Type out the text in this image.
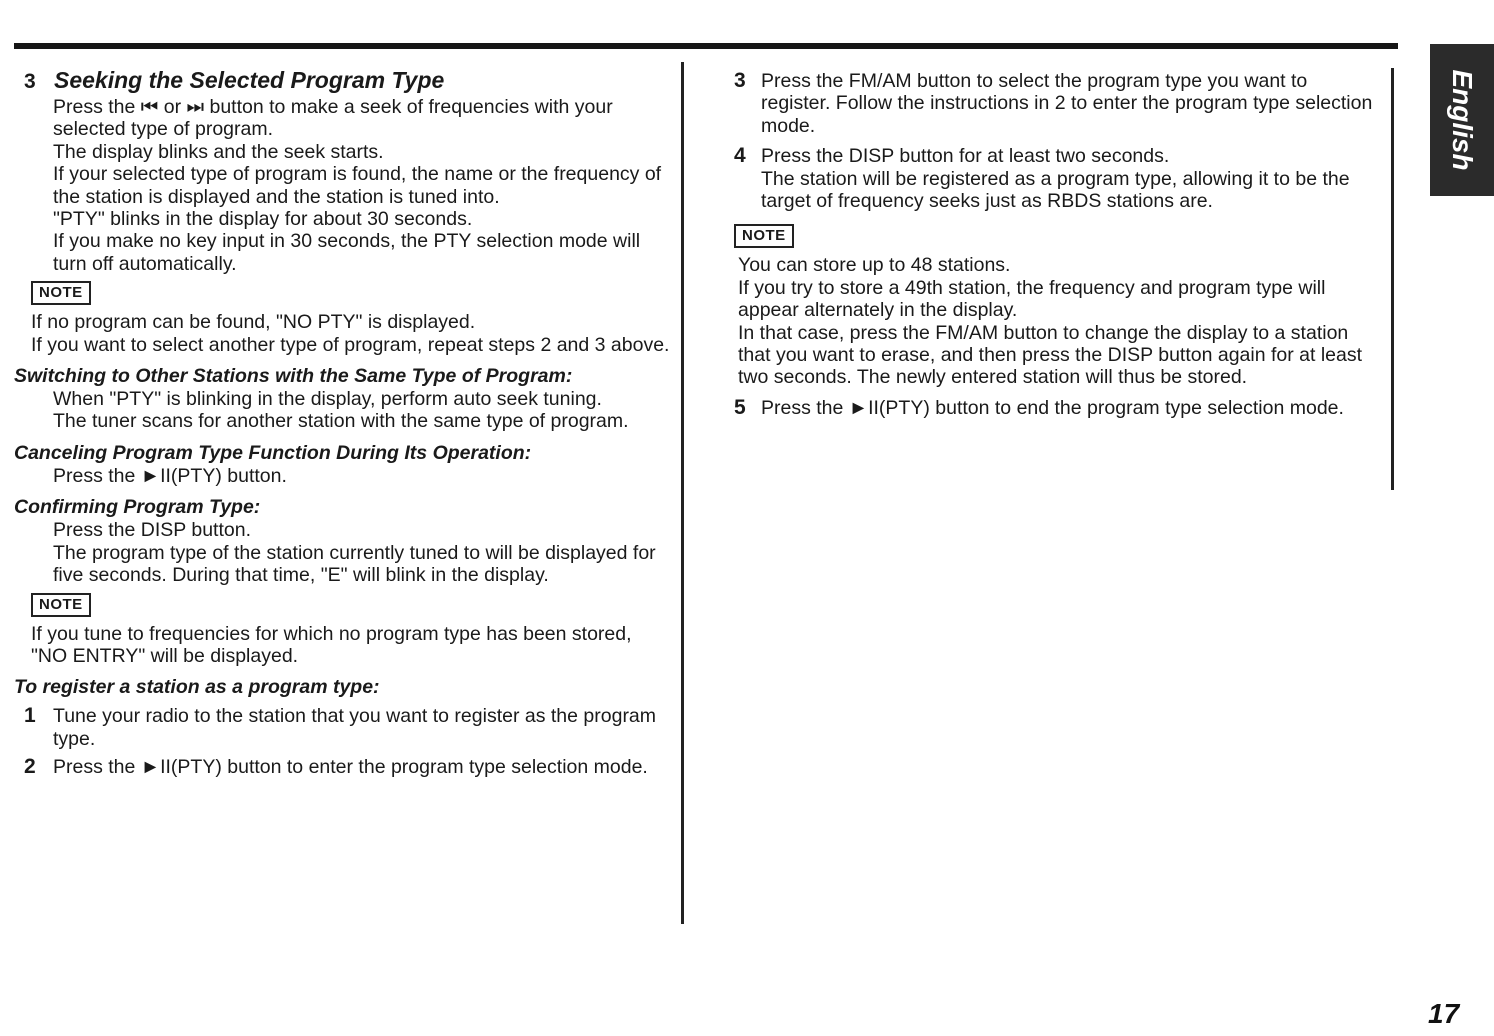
English
3 Seeking the Selected Program Type

Press the ⏮ or ⏭ button to make a seek of frequencies with your selected type of program.

The display blinks and the seek starts.

If your selected type of program is found, the name or the frequency of the station is displayed and the station is tuned into.

"PTY" blinks in the display for about 30 seconds.

If you make no key input in 30 seconds, the PTY selection mode will turn off automatically.

NOTE

If no program can be found, "NO PTY" is displayed.

If you want to select another type of program, repeat steps 2 and 3 above.

Switching to Other Stations with the Same Type of Program:

When "PTY" is blinking in the display, perform auto seek tuning.

The tuner scans for another station with the same type of program.

Canceling Program Type Function During Its Operation:

Press the ►II(PTY) button.

Confirming Program Type:

Press the DISP button.

The program type of the station currently tuned to will be displayed for five seconds. During that time, "E" will blink in the display.

NOTE

If you tune to frequencies for which no program type has been stored, "NO ENTRY" will be displayed.

To register a station as a program type:
1 Tune your radio to the station that you want to register as the program type.
2 Press the ►II(PTY) button to enter the program type selection mode.
3 Press the FM/AM button to select the program type you want to register. Follow the instructions in 2 to enter the program type selection mode.
4 Press the DISP button for at least two seconds.

The station will be registered as a program type, allowing it to be the target of frequency seeks just as RBDS stations are.

NOTE

You can store up to 48 stations.

If you try to store a 49th station, the frequency and program type will appear alternately in the display.

In that case, press the FM/AM button to change the display to a station that you want to erase, and then press the DISP button again for at least two seconds. The newly entered station will thus be stored.

5 Press the ►II(PTY) button to end the program type selection mode.
17
